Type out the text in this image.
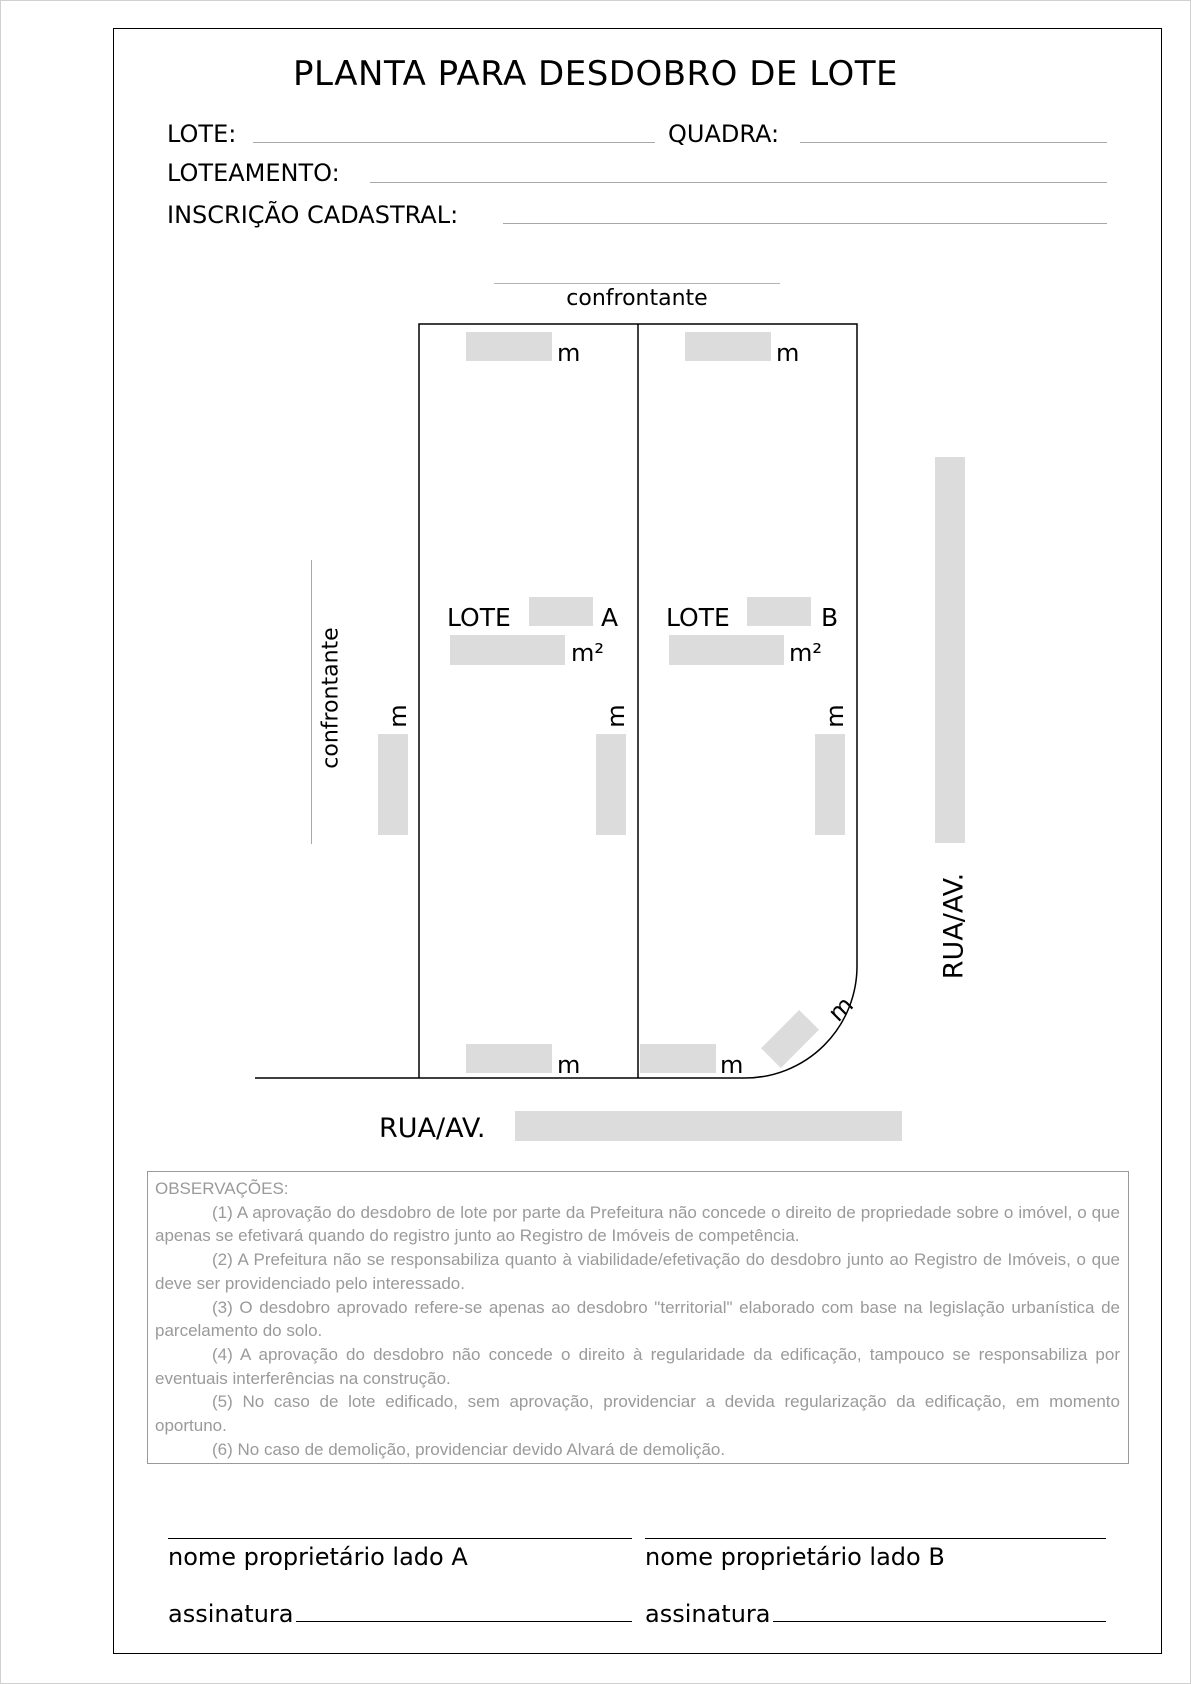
PLANTA PARA DESDOBRO DE LOTE
LOTE:	QUADRA:
LOTEAMENTO:
INSCRIÇÃO CADASTRAL:
confrontante
confrontante
m	m
LOTE	A
m²
LOTE	B
m²
m	m	m
RUA/AV.
m	m
m
RUA/AV.

OBSERVAÇÕES:

(1) A aprovação do desdobro de lote por parte da Prefeitura não concede o direito de propriedade sobre o imóvel, o que apenas se efetivará quando do registro junto ao Registro de Imóveis de competência.

(2) A Prefeitura não se responsabiliza quanto à viabilidade/efetivação do desdobro junto ao Registro de Imóveis, o que deve ser providenciado pelo interessado.

(3) O desdobro aprovado refere-se apenas ao desdobro "territorial" elaborado com base na legislação urbanística de parcelamento do solo.

(4) A aprovação do desdobro não concede o direito à regularidade da edificação, tampouco se responsabiliza por eventuais interferências na construção.

(5) No caso de lote edificado, sem aprovação, providenciar a devida regularização da edificação, em momento oportuno.

(6) No caso de demolição, providenciar devido Alvará de demolição.

nome proprietário lado A	nome proprietário lado B
assinatura	assinatura
